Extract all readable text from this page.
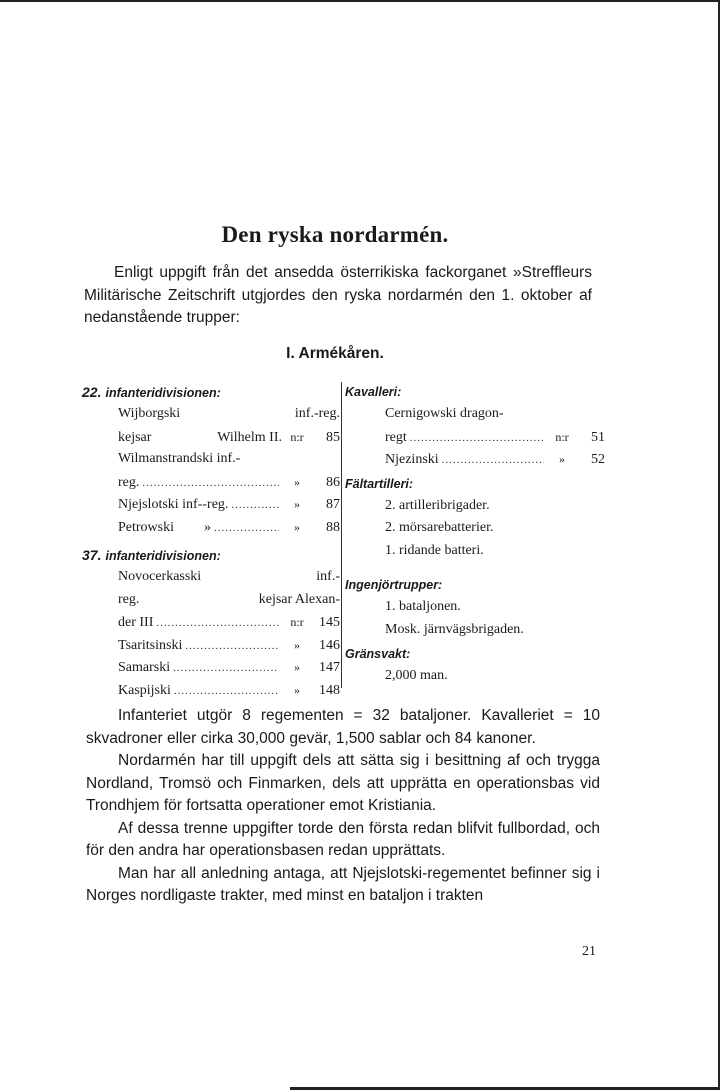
Den ryska nordarmén.

Enligt uppgift från det ansedda österrikiska fackorganet »Streffleurs Militärische Zeitschrift utgjordes den ryska nordarmén den 1. oktober af nedanstående trupper:

I. Armékåren.
22. infanteridivisionen:
Wijborgski	inf.-reg.
kejsar	Wilhelm II. n:r	85
Wilmanstrandski inf.-
reg. .....	»	86
Njejslotski inf--reg. .....	»	87
Petrowski » .....	»	88
37. infanteridivisionen:
Novocerkasski	inf.-
reg.	kejsar Alexan-
der III .....	n:r	145
Tsaritsinski .....	»	146
Samarski .....	»	147
Kaspijski .....	»	148
Kavalleri:
Cernigowski dragon-
regt .....	n:r	51
Njezinski .....	»	52
Fältartilleri:
2. artilleribrigader.
2. mörsarebatterier.
1. ridande batteri.
Ingenjörtrupper:
1. bataljonen.
Mosk. järnvägsbrigaden.
Gränsvakt:
2,000 man.

Infanteriet utgör 8 regementen = 32 bataljoner. Kavalleriet = 10 skvadroner eller cirka 30,000 gevär, 1,500 sablar och 84 kanoner.

Nordarmén har till uppgift dels att sätta sig i besittning af och trygga Nordland, Tromsö och Finmarken, dels att upprätta en operationsbas vid Trondhjem för fortsatta operationer emot Kristiania.

Af dessa trenne uppgifter torde den första redan blifvit fullbordad, och för den andra har operationsbasen redan upprättats.

Man har all anledning antaga, att Njejslotski-regementet befinner sig i Norges nordligaste trakter, med minst en bataljon i trakten

21
